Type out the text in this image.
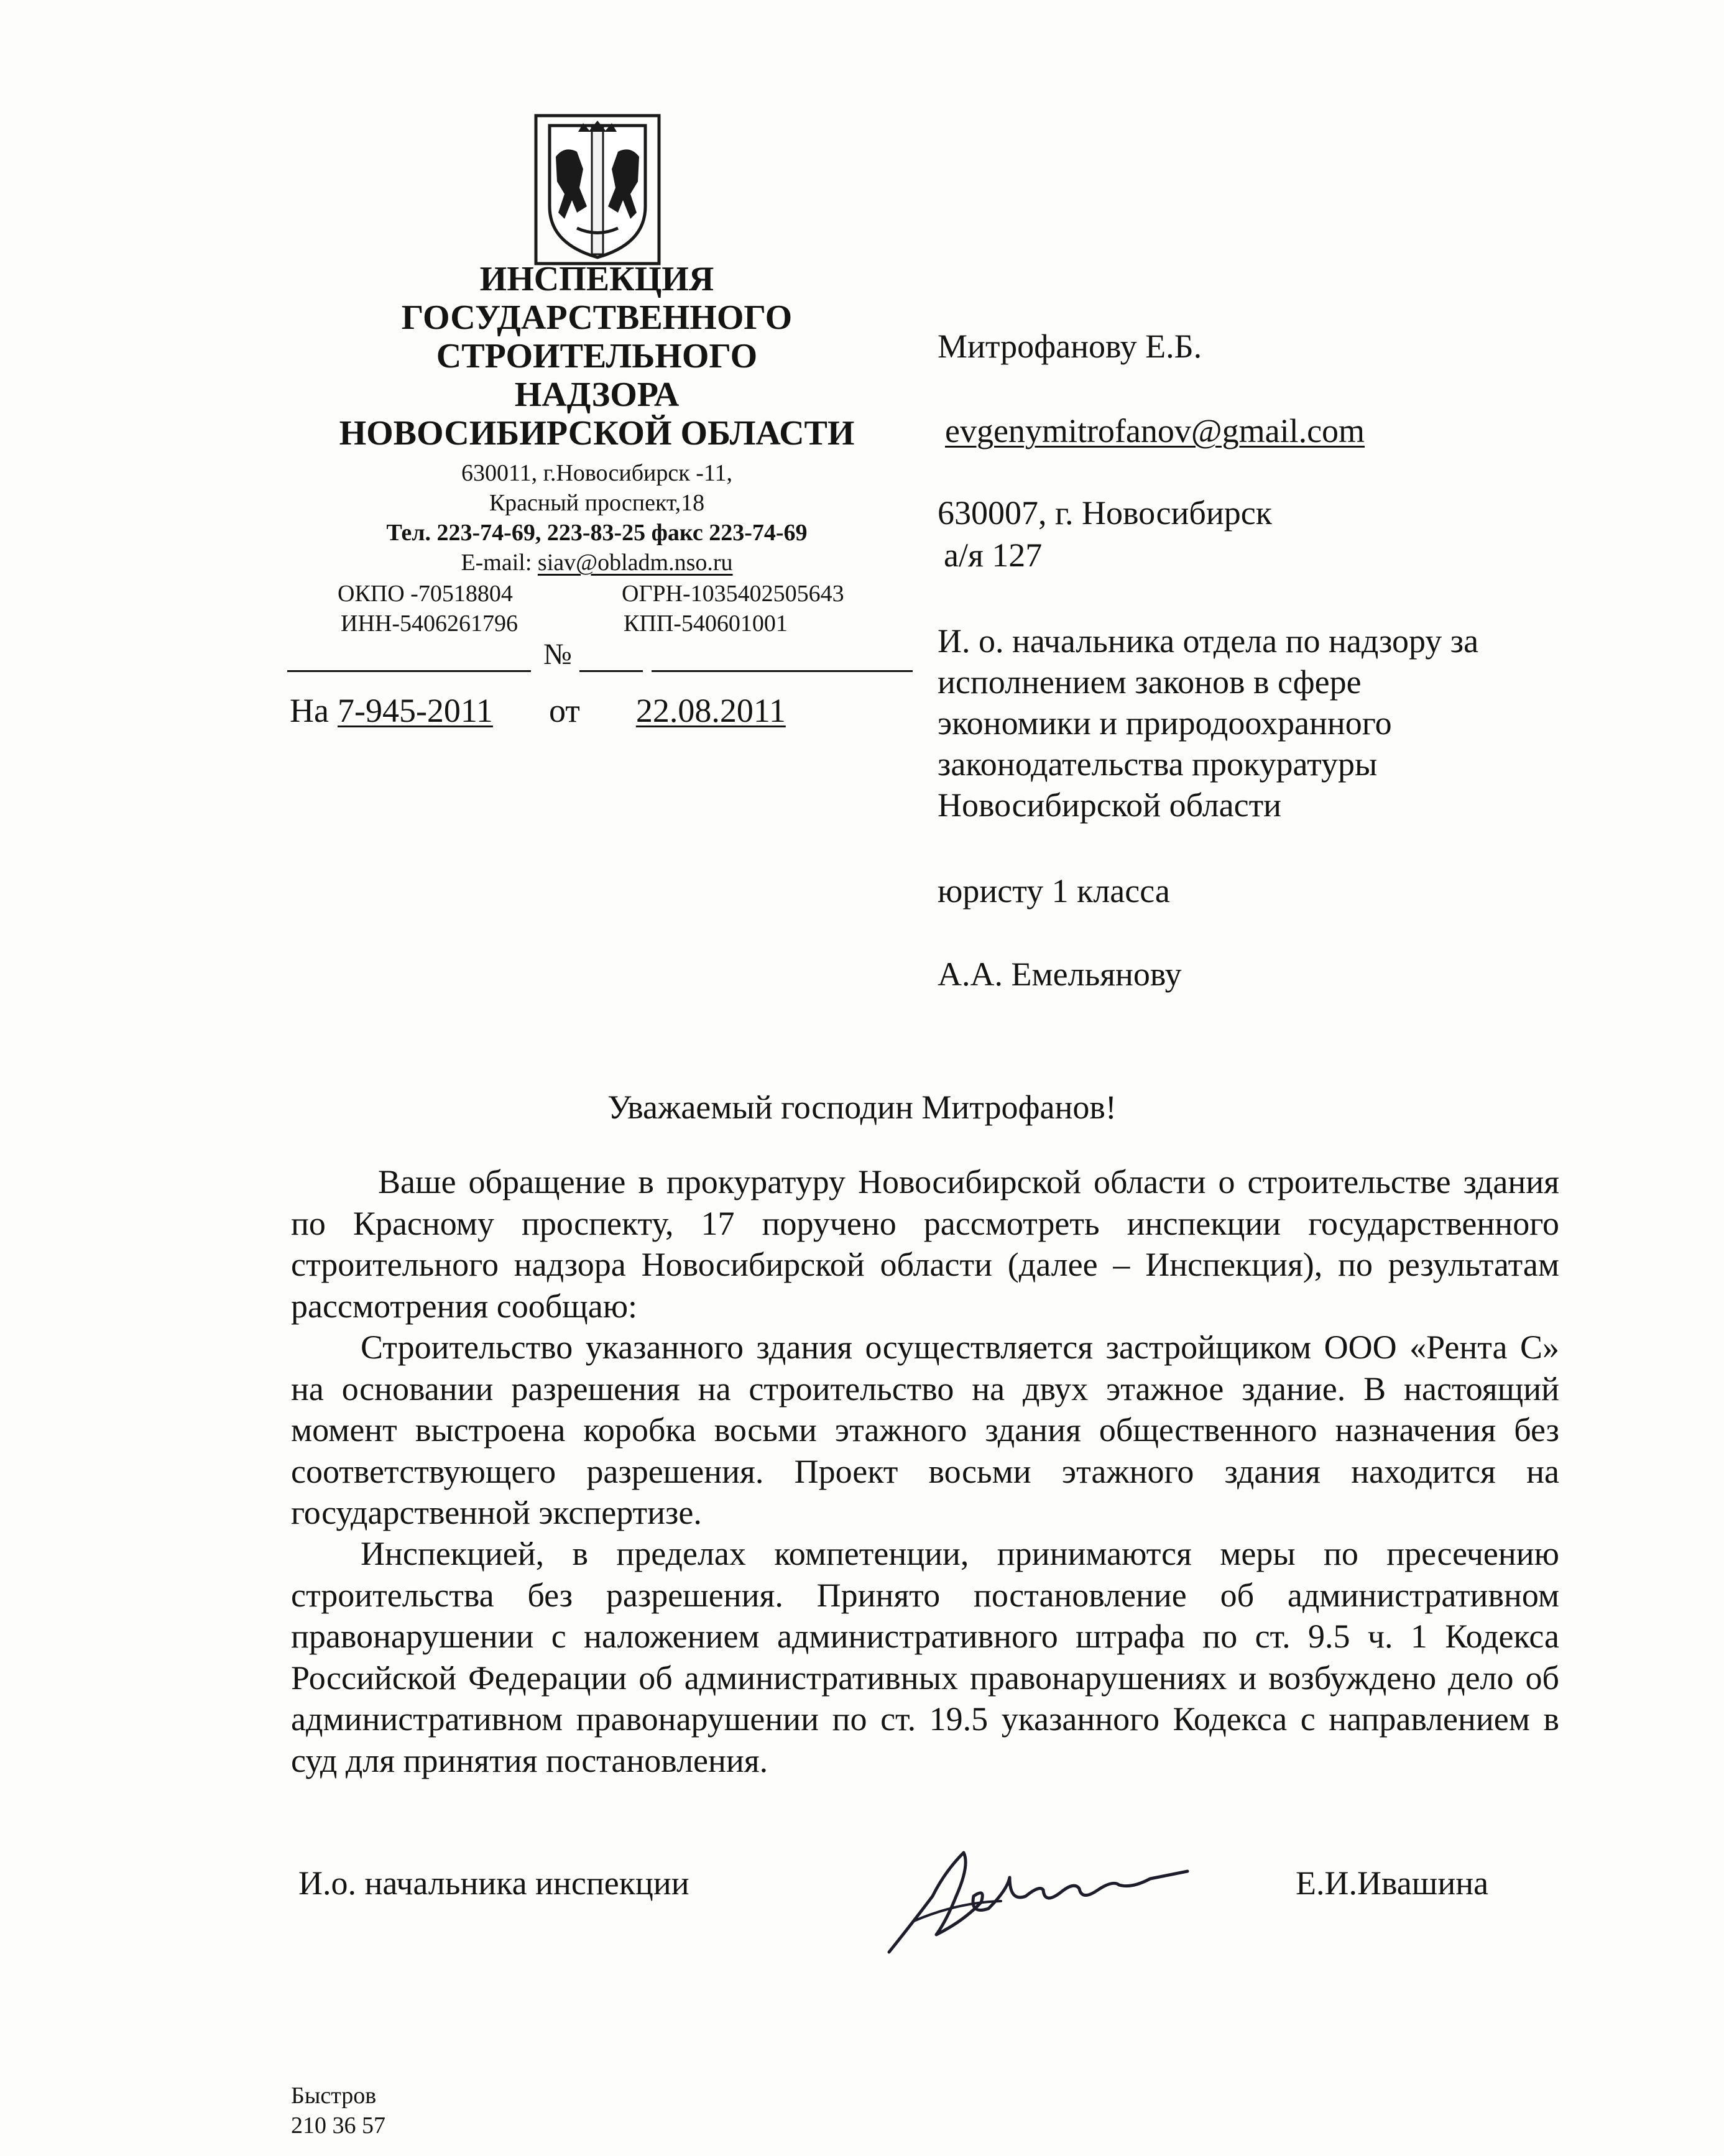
ИНСПЕКЦИЯ
ГОСУДАРСТВЕННОГО
СТРОИТЕЛЬНОГО
НАДЗОРА
НОВОСИБИРСКОЙ ОБЛАСТИ
630011, г.Новосибирск -11,
Красный проспект,18
Тел. 223-74-69, 223-83-25 факс 223-74-69
E-mail: siav@obladm.nso.ru
ОКПО -70518804	ОГРН-1035402505643
ИНН-5406261796	КПП-540601001
№
На 7-945-2011 от 22.08.2011
Митрофанову Е.Б.
evgenymitrofanov@gmail.com
630007, г. Новосибирск
а/я 127
И. о. начальника отдела по надзору за
исполнением законов в сфере
экономики и природоохранного
законодательства прокуратуры
Новосибирской области
юристу 1 класса
А.А. Емельянову
Уважаемый господин Митрофанов!
Ваше обращение в прокуратуру Новосибирской области о строительстве здания по Красному проспекту, 17 поручено рассмотреть инспекции государственного строительного надзора Новосибирской области (далее – Инспекция), по результатам рассмотрения сообщаю:
Строительство указанного здания осуществляется застройщиком ООО «Рента С» на основании разрешения на строительство на двух этажное здание. В настоящий момент выстроена коробка восьми этажного здания общественного назначения без соответствующего разрешения. Проект восьми этажного здания находится на государственной экспертизе.
Инспекцией, в пределах компетенции, принимаются меры по пресечению строительства без разрешения. Принято постановление об административном правонарушении с наложением административного штрафа по ст. 9.5 ч. 1 Кодекса Российской Федерации об административных правонарушениях и возбуждено дело об административном правонарушении по ст. 19.5 указанного Кодекса с направлением в суд для принятия постановления.
И.о. начальника инспекции	Е.И.Ивашина
Быстров
210 36 57
